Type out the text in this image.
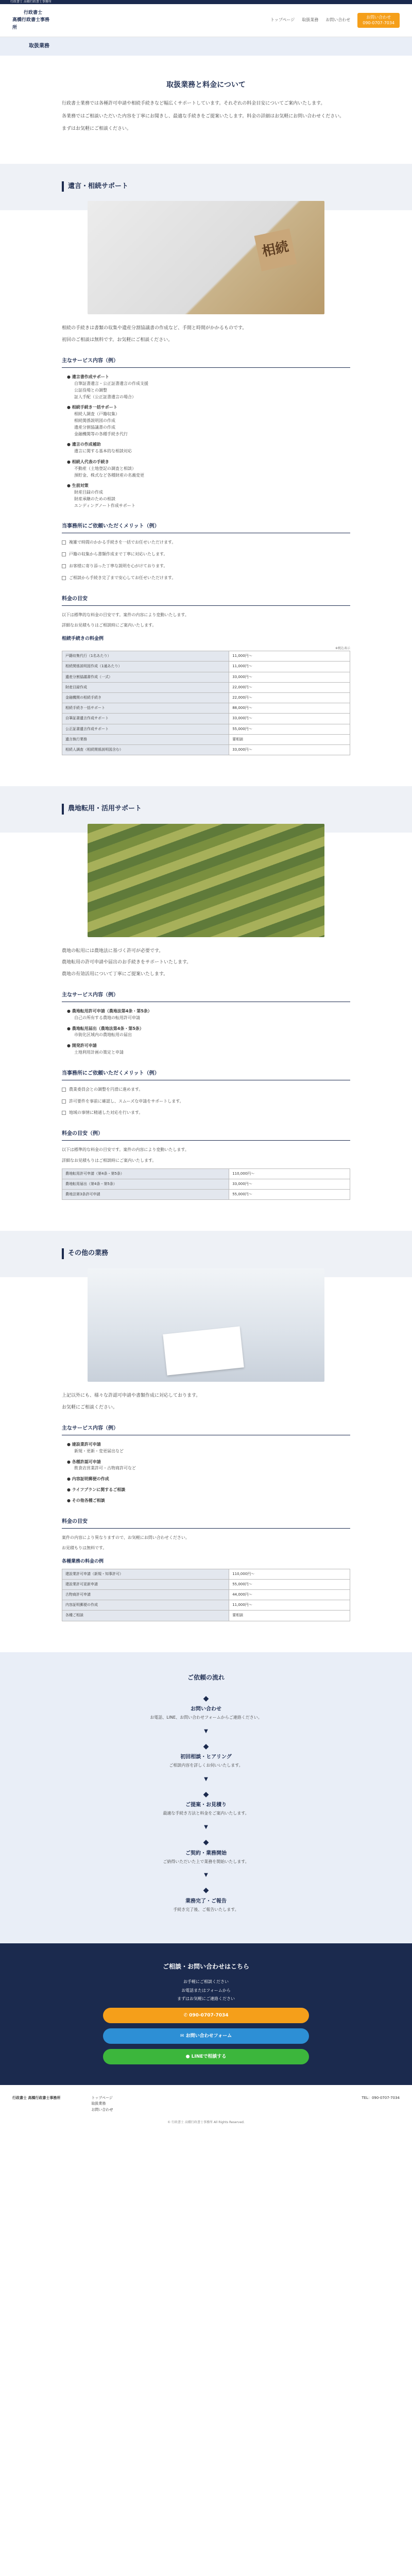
行政書士 高橋行政書士事務所
行政書士
高橋行政書士事務所
トップページ 取扱業務 お問い合わせ
お問い合わせ
090-0707-7034
取扱業務
取扱業務と料金について

行政書士業務では各種許可申請や相続手続きなど幅広くサポートしています。それぞれの料金目安についてご案内いたします。

各業務ではご相談いただいた内容を丁寧にお聞きし、最適な手続きをご提案いたします。料金の詳細はお気軽にお問い合わせください。

まずはお気軽にご相談ください。

遺言・相続サポート
相続

相続の手続きは書類の収集や遺産分割協議書の作成など、手間と時間がかかるものです。

初回のご相談は無料です。お気軽にご相談ください。

主なサービス内容（例）
● 遺言書作成サポート
自筆証書遺言・公正証書遺言の作成支援
公証役場との調整
証人手配（公正証書遺言の場合）
● 相続手続き一括サポート
相続人調査（戸籍収集）
相続関係説明図の作成
遺産分割協議書の作成
金融機関等の各種手続き代行
● 遺言の作成補助
遺言に関する基本的な相談対応
● 相続人代表の手続き
不動産（土地登記の調査と相談）
預貯金、株式など各種財産の名義変更
● 生前対策
財産目録の作成
財産承継のための相談
エンディングノート作成サポート
当事務所にご依頼いただくメリット（例）
複雑で時間のかかる手続きを一括でお任せいただけます。
戸籍の収集から書類作成まで丁寧に対応いたします。
お客様に寄り添った丁寧な説明を心がけております。
ご相談から手続き完了まで安心してお任せいただけます。
料金の目安

以下は標準的な料金の目安です。案件の内容により変動いたします。

詳細なお見積もりはご相談時にご案内いたします。

相続手続きの料金例
※税込表示
戸籍収集代行（1名あたり）	11,000円〜
相続関係説明図作成（1通あたり）	11,000円〜
遺産分割協議書作成（一式）	33,000円〜
財産目録作成	22,000円〜
金融機関の相続手続き	22,000円〜
相続手続き一括サポート	88,000円〜
自筆証書遺言作成サポート	33,000円〜
公正証書遺言作成サポート	55,000円〜
遺言執行業務	要相談
相続人調査（相続関係説明図含む）	33,000円〜
農地転用・活用サポート

農地の転用には農地法に基づく許可が必要です。

農地転用の許可申請や届出のお手続きをサポートいたします。

農地の有効活用について丁寧にご提案いたします。

主なサービス内容（例）
● 農地転用許可申請（農地法第4条・第5条）
自己の所有する農地の転用許可申請
● 農地転用届出（農地法第4条・第5条）
市街化区域内の農地転用の届出
● 開発許可申請
土地利用計画の策定と申請
当事務所にご依頼いただくメリット（例）
農業委員会との調整を円滑に進めます。
許可要件を事前に確認し、スムーズな申請をサポートします。
地域の事情に精通した対応を行います。
料金の目安（例）

以下は標準的な料金の目安です。案件の内容により変動いたします。

詳細なお見積もりはご相談時にご案内いたします。

農地転用許可申請（第4条・第5条）	110,000円〜
農地転用届出（第4条・第5条）	33,000円〜
農地法第3条許可申請	55,000円〜
その他の業務

上記以外にも、様々な許認可申請や書類作成に対応しております。

お気軽にご相談ください。

主なサービス内容（例）
● 建設業許可申請
新規・更新・変更届出など
● 各種許認可申請
飲食店営業許可・古物商許可など
● 内容証明郵便の作成
● ライフプランに関するご相談
● その他各種ご相談
料金の目安

案件の内容により異なりますので、お気軽にお問い合わせください。

お見積もりは無料です。

各種業務の料金の例
建設業許可申請（新規・知事許可）	110,000円〜
建設業許可更新申請	55,000円〜
古物商許可申請	44,000円〜
内容証明郵便の作成	11,000円〜
各種ご相談	要相談
ご依頼の流れ
◆
お問い合わせ
お電話、LINE、お問い合わせフォームからご連絡ください。
▼
◆
初回相談・ヒアリング
ご相談内容を詳しくお伺いいたします。
▼
◆
ご提案・お見積り
最適な手続き方法と料金をご案内いたします。
▼
◆
ご契約・業務開始
ご納得いただいた上で業務を開始いたします。
▼
◆
業務完了・ご報告
手続き完了後、ご報告いたします。
ご相談・お問い合わせはこちら

お手軽にご相談ください

お電話またはフォームから

まずはお気軽にご連絡ください

✆ 090-0707-7034
✉ お問い合わせフォーム
● LINEで相談する
行政書士 高橋行政書士事務所	トップページ
取扱業務
お問い合わせ
TEL：090-0707-7034
© 行政書士 高橋行政書士事務所 All Rights Reserved.
